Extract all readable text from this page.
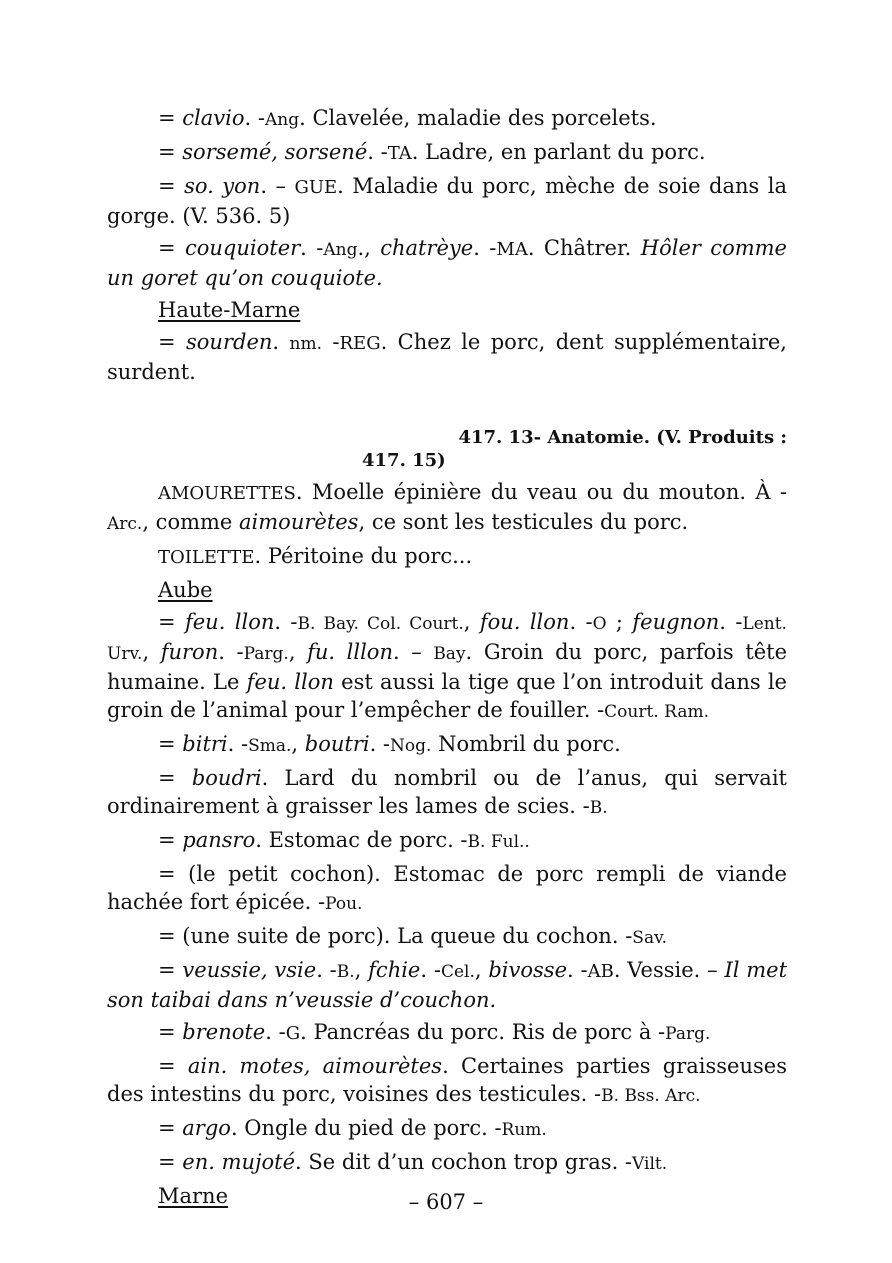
= clavio. -Ang. Clavelée, maladie des porcelets.

= sorsemé, sorsené. -TA. Ladre, en parlant du porc.

= so. yon. – GUE. Maladie du porc, mèche de soie dans la gorge. (V. 536. 5)

= couquioter. -Ang., chatrèye. -MA. Châtrer. Hôler comme un goret qu’on couquiote.

Haute-Marne

= sourden. nm. -REG. Chez le porc, dent supplémentaire, surdent.

417. 13- Anatomie. (V. Produits :
417. 15)

AMOURETTES. Moelle épinière du veau ou du mouton. À - Arc., comme aimourètes, ce sont les testicules du porc.

TOILETTE. Péritoine du porc...

Aube

= feu. llon. -B. Bay. Col. Court., fou. llon. -O ; feugnon. -Lent. Urv., furon. -Parg., fu. lllon. – Bay. Groin du porc, parfois tête humaine. Le feu. llon est aussi la tige que l’on introduit dans le groin de l’animal pour l’empêcher de fouiller. -Court. Ram.

= bitri. -Sma., boutri. -Nog. Nombril du porc.

= boudri. Lard du nombril ou de l’anus, qui servait ordinairement à graisser les lames de scies. -B.

= pansro. Estomac de porc. -B. Ful..

= (le petit cochon). Estomac de porc rempli de viande hachée fort épicée. -Pou.

= (une suite de porc). La queue du cochon. -Sav.

= veussie, vsie. -B., fchie. -Cel., bivosse. -AB. Vessie. – Il met son taibai dans n’veussie d’couchon.

= brenote. -G. Pancréas du porc. Ris de porc à -Parg.

= ain. motes, aimourètes. Certaines parties graisseuses des intestins du porc, voisines des testicules. -B. Bss. Arc.

= argo. Ongle du pied de porc. -Rum.

= en. mujoté. Se dit d’un cochon trop gras. -Vilt.

Marne	– 607 –
